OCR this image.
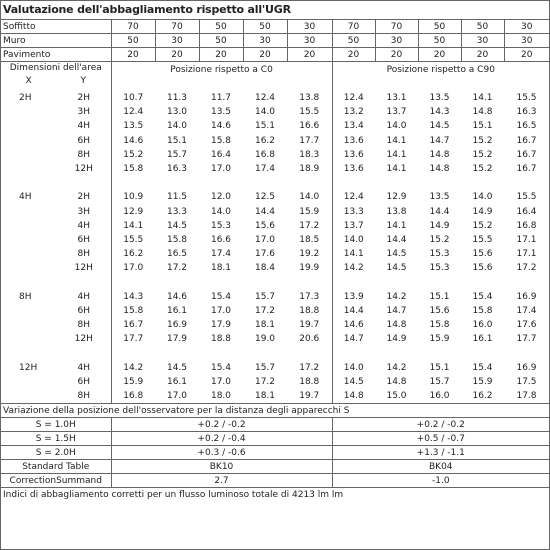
Valutazione dell'abbagliamento rispetto all'UGR
Soffitto		70	70	50	50	30	70	70	50	50	30
Muro		50	30	50	30	30	50	30	50	30	30
Pavimento		20	20	20	20	20	20	20	20	20	20

Dimensioni dell'area
X Y		Posizione rispetto a C0					Posizione rispetto a C90				
2H	2H	10.7	11.3	11.7	12.4	13.8	12.4	13.1	13.5	14.1	15.5
	3H	12.4	13.0	13.5	14.0	15.5	13.2	13.7	14.3	14.8	16.3
	4H	13.5	14.0	14.6	15.1	16.6	13.4	14.0	14.5	15.1	16.5
	6H	14.6	15.1	15.8	16.2	17.7	13.6	14.1	14.7	15.2	16.7
	8H	15.2	15.7	16.4	16.8	18.3	13.6	14.1	14.8	15.2	16.7
	12H	15.8	16.3	17.0	17.4	18.9	13.6	14.1	14.8	15.2	16.7

4H	2H	10.9	11.5	12.0	12.5	14.0	12.4	12.9	13.5	14.0	15.5
	3H	12.9	13.3	14.0	14.4	15.9	13.3	13.8	14.4	14.9	16.4
	4H	14.1	14.5	15.3	15.6	17.2	13.7	14.1	14.9	15.2	16.8
	6H	15.5	15.8	16.6	17.0	18.5	14.0	14.4	15.2	15.5	17.1
	8H	16.2	16.5	17.4	17.6	19.2	14.1	14.5	15.3	15.6	17.1
	12H	17.0	17.2	18.1	18.4	19.9	14.2	14.5	15.3	15.6	17.2

8H	4H	14.3	14.6	15.4	15.7	17.3	13.9	14.2	15.1	15.4	16.9
	6H	15.8	16.1	17.0	17.2	18.8	14.4	14.7	15.6	15.8	17.4
	8H	16.7	16.9	17.9	18.1	19.7	14.6	14.8	15.8	16.0	17.6
	12H	17.7	17.9	18.8	19.0	20.6	14.7	14.9	15.9	16.1	17.7

12H	4H	14.2	14.5	15.4	15.7	17.2	14.0	14.2	15.1	15.4	16.9
	6H	15.9	16.1	17.0	17.2	18.8	14.5	14.8	15.7	15.9	17.5
	8H	16.8	17.0	18.0	18.1	19.7	14.8	15.0	16.0	16.2	17.8
Variazione della posizione dell'osservatore per la distanza degli apparecchi S											
S = 1.0H		+0.2 / -0.2					+0.2 / -0.2				
S = 1.5H		+0.2 / -0.4					+0.5 / -0.7				
S = 2.0H		+0.3 / -0.6					+1.3 / -1.1				
Standard Table		BK10					BK04				
CorrectionSummand		2.7					-1.0				
Indici di abbagliamento corretti per un flusso luminoso totale di 4213 lm lm											
